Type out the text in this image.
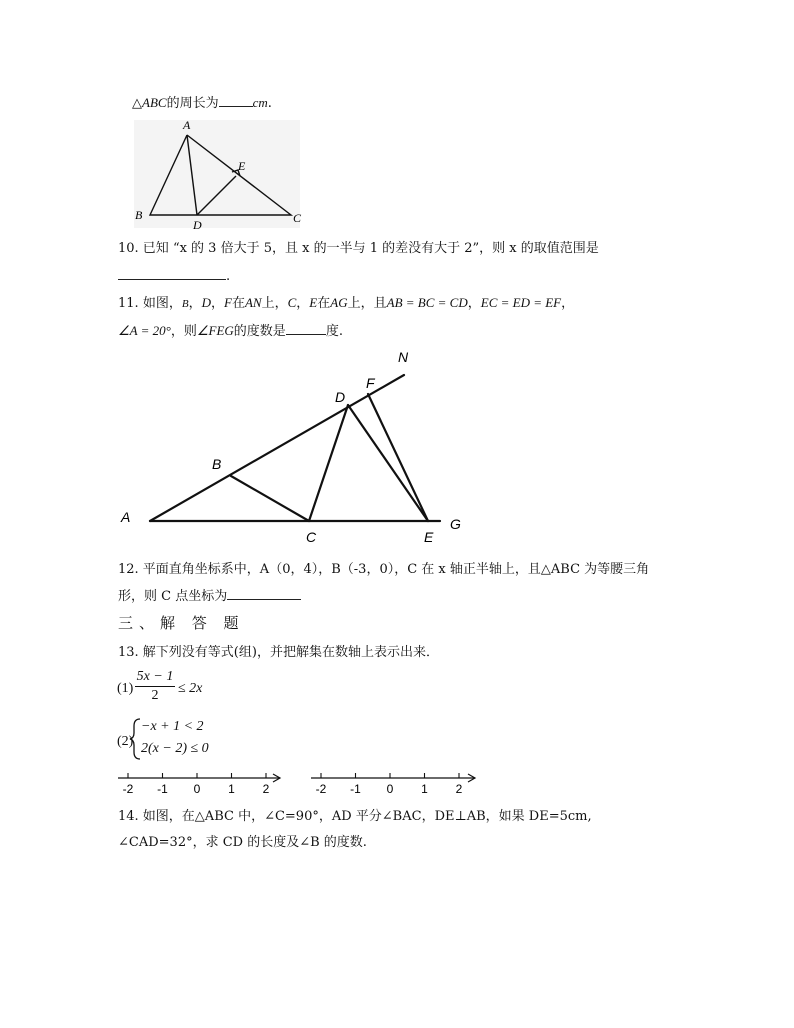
△ABC的周长为	cm.
A
B	C
D
E
10. 已知 “x 的 3 倍大于 5，且 x 的一半与 1 的差没有大于 2”，则 x 的取值范围是
.
11. 如图，B，D，F在AN上，C，E在AG上，且AB = BC = CD，EC = ED = EF，
∠A = 20°，则∠FEG的度数是	度.
A
B
C
D
E
F
G
N
12. 平面直角坐标系中，A（0，4），B（-3，0），C 在 x 轴正半轴上，且△ABC 为等腰三角
形，则 C 点坐标为
三、解 答 题
13. 解下列没有等式(组)，并把解集在数轴上表示出来．
(1)
5x − 1
2	≤ 2x
(2)
−x + 1 < 2
2(x − 2) ≤ 0
-2 -1 0 1 2	-2 -1 0 1 2
14. 如图，在△ABC 中，∠C=90°，AD 平分∠BAC，DE⊥AB，如果 DE=5cm,
∠CAD=32°，求 CD 的长度及∠B 的度数.
